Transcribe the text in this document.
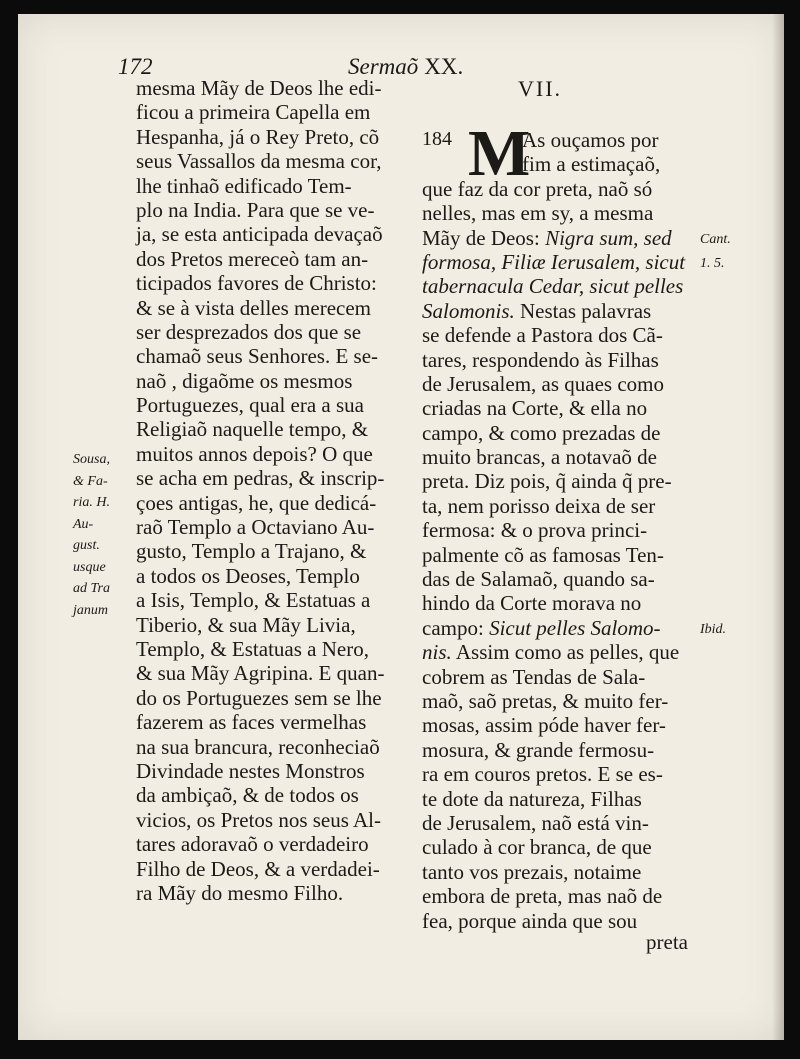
172	Sermaõ XX.
mesma Mãy de Deos lhe edi-
ficou a primeira Capella em
Hespanha, já o Rey Preto, cõ
seus Vassallos da mesma cor,
lhe tinhaõ edificado Tem-
plo na India. Para que se ve-
ja, se esta anticipada devaçaõ
dos Pretos mereceò tam an-
ticipados favores de Christo:
& se à vista delles merecem
ser desprezados dos que se
chamaõ seus Senhores. E se-
naõ , digaõme os mesmos
Portuguezes, qual era a sua
Religiaõ naquelle tempo, &
muitos annos depois? O que
se acha em pedras, & inscrip-
çoes antigas, he, que dedicá-
raõ Templo a Octaviano Au-
gusto, Templo a Trajano, &
a todos os Deoses, Templo
a Isis, Templo, & Estatuas a
Tiberio, & sua Mãy Livia,
Templo, & Estatuas a Nero,
& sua Mãy Agripina. E quan-
do os Portuguezes sem se lhe
fazerem as faces vermelhas
na sua brancura, reconheciaõ
Divindade nestes Monstros
da ambiçaõ, & de todos os
vicios, os Pretos nos seus Al-
tares adoravaõ o verdadeiro
Filho de Deos, & a verdadei-
ra Mãy do mesmo Filho.
Sousa,
& Fa-
ria. H.
Au-
gust.
usque
ad Tra
janum
VII.
184 M
As ouçamos por
fim a estimaçaõ,
que faz da cor preta, naõ só
nelles, mas em sy, a mesma
Mãy de Deos: Nigra sum, sed
formosa, Filiæ Ierusalem, sicut
tabernacula Cedar, sicut pelles
Salomonis. Nestas palavras
se defende a Pastora dos Cã-
tares, respondendo às Filhas
de Jerusalem, as quaes como
criadas na Corte, & ella no
campo, & como prezadas de
muito brancas, a notavaõ de
preta. Diz pois, q̃ ainda q̃ pre-
ta, nem porisso deixa de ser
fermosa: & o prova princi-
palmente cõ as famosas Ten-
das de Salamaõ, quando sa-
hindo da Corte morava no
campo: Sicut pelles Salomo-
nis. Assim como as pelles, que
cobrem as Tendas de Sala-
maõ, saõ pretas, & muito fer-
mosas, assim póde haver fer-
mosura, & grande fermosu-
ra em couros pretos. E se es-
te dote da natureza, Filhas
de Jerusalem, naõ está vin-
culado à cor branca, de que
tanto vos prezais, notaime
embora de preta, mas naõ de
fea, porque ainda que sou
Cant.
1. 5.
Ibid.
preta
